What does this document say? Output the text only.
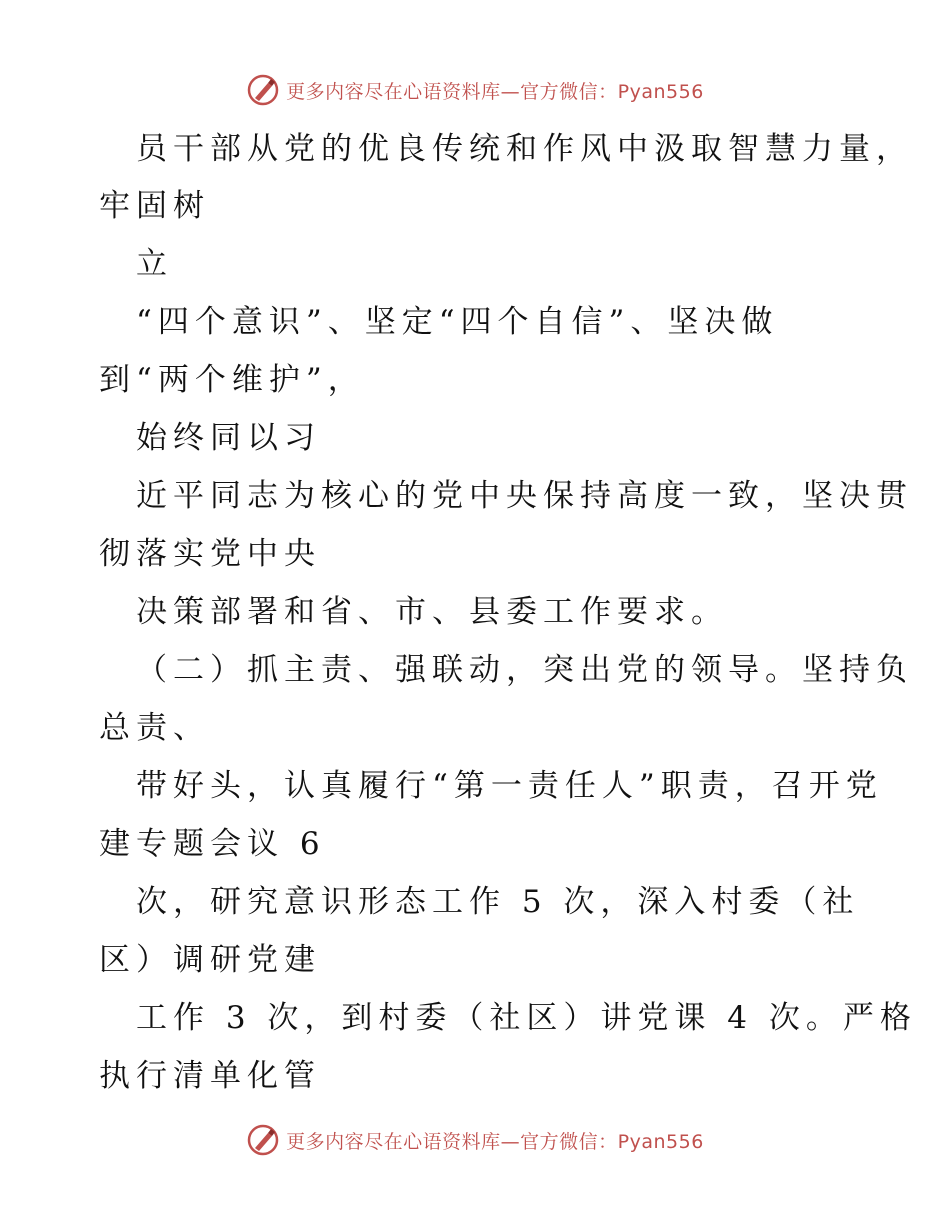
更多内容尽在心语资料库—官方微信：Pyan556
员干部从党的优良传统和作风中汲取智慧力量，
牢固树
立
“四个意识”、坚定“四个自信”、坚决做
到“两个维护”，
始终同以习
近平同志为核心的党中央保持高度一致，坚决贯
彻落实党中央
决策部署和省、市、县委工作要求。
（二）抓主责、强联动，突出党的领导。坚持负
总责、
带好头，认真履行“第一责任人”职责，召开党
建专题会议 6
次，研究意识形态工作 5 次，深入村委（社
区）调研党建
工作 3 次，到村委（社区）讲党课 4 次。严格
执行清单化管
更多内容尽在心语资料库—官方微信：Pyan556
